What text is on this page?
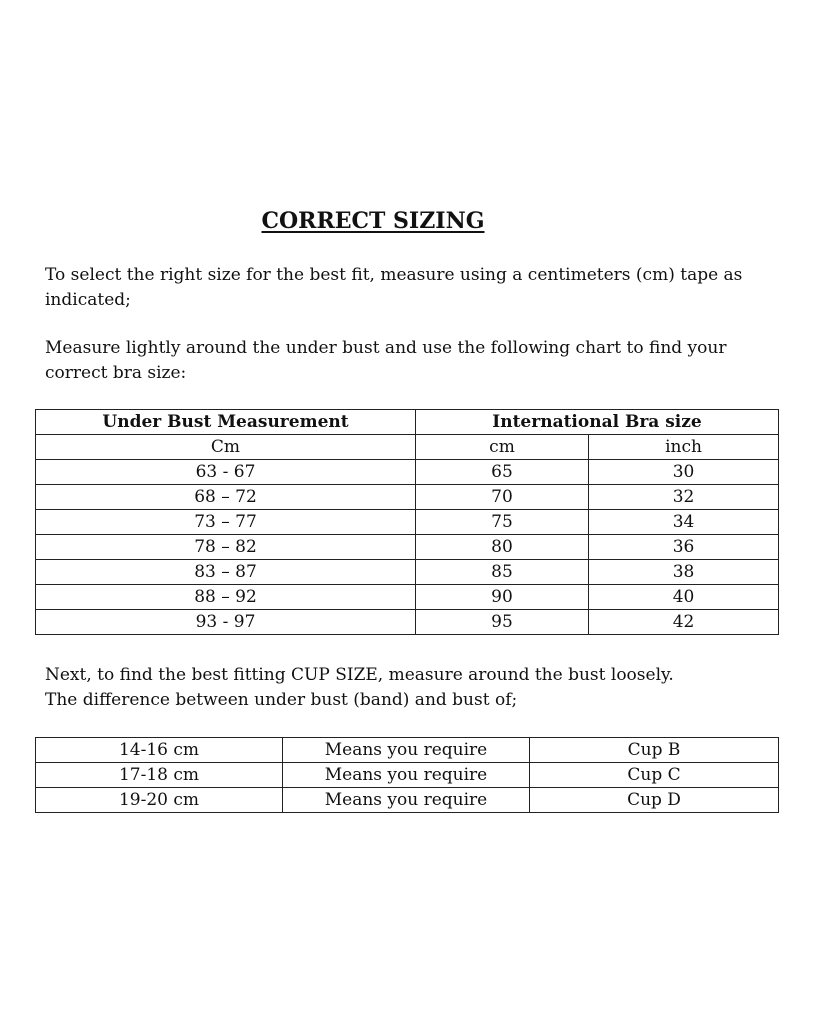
CORRECT SIZING

To select the right size for the best fit, measure using a centimeters (cm) tape as indicated;

Measure lightly around the under bust and use the following chart to find your correct bra size:

Under Bust Measurement	International Bra size	
Cm	cm	inch
63 - 67	65	30
68 – 72	70	32
73 – 77	75	34
78 – 82	80	36
83 – 87	85	38
88 – 92	90	40
93 - 97	95	42

Next, to find the best fitting CUP SIZE, measure around the bust loosely.
The difference between under bust (band) and bust of;

14-16 cm	Means you require	Cup B
17-18 cm	Means you require	Cup C
19-20 cm	Means you require	Cup D
